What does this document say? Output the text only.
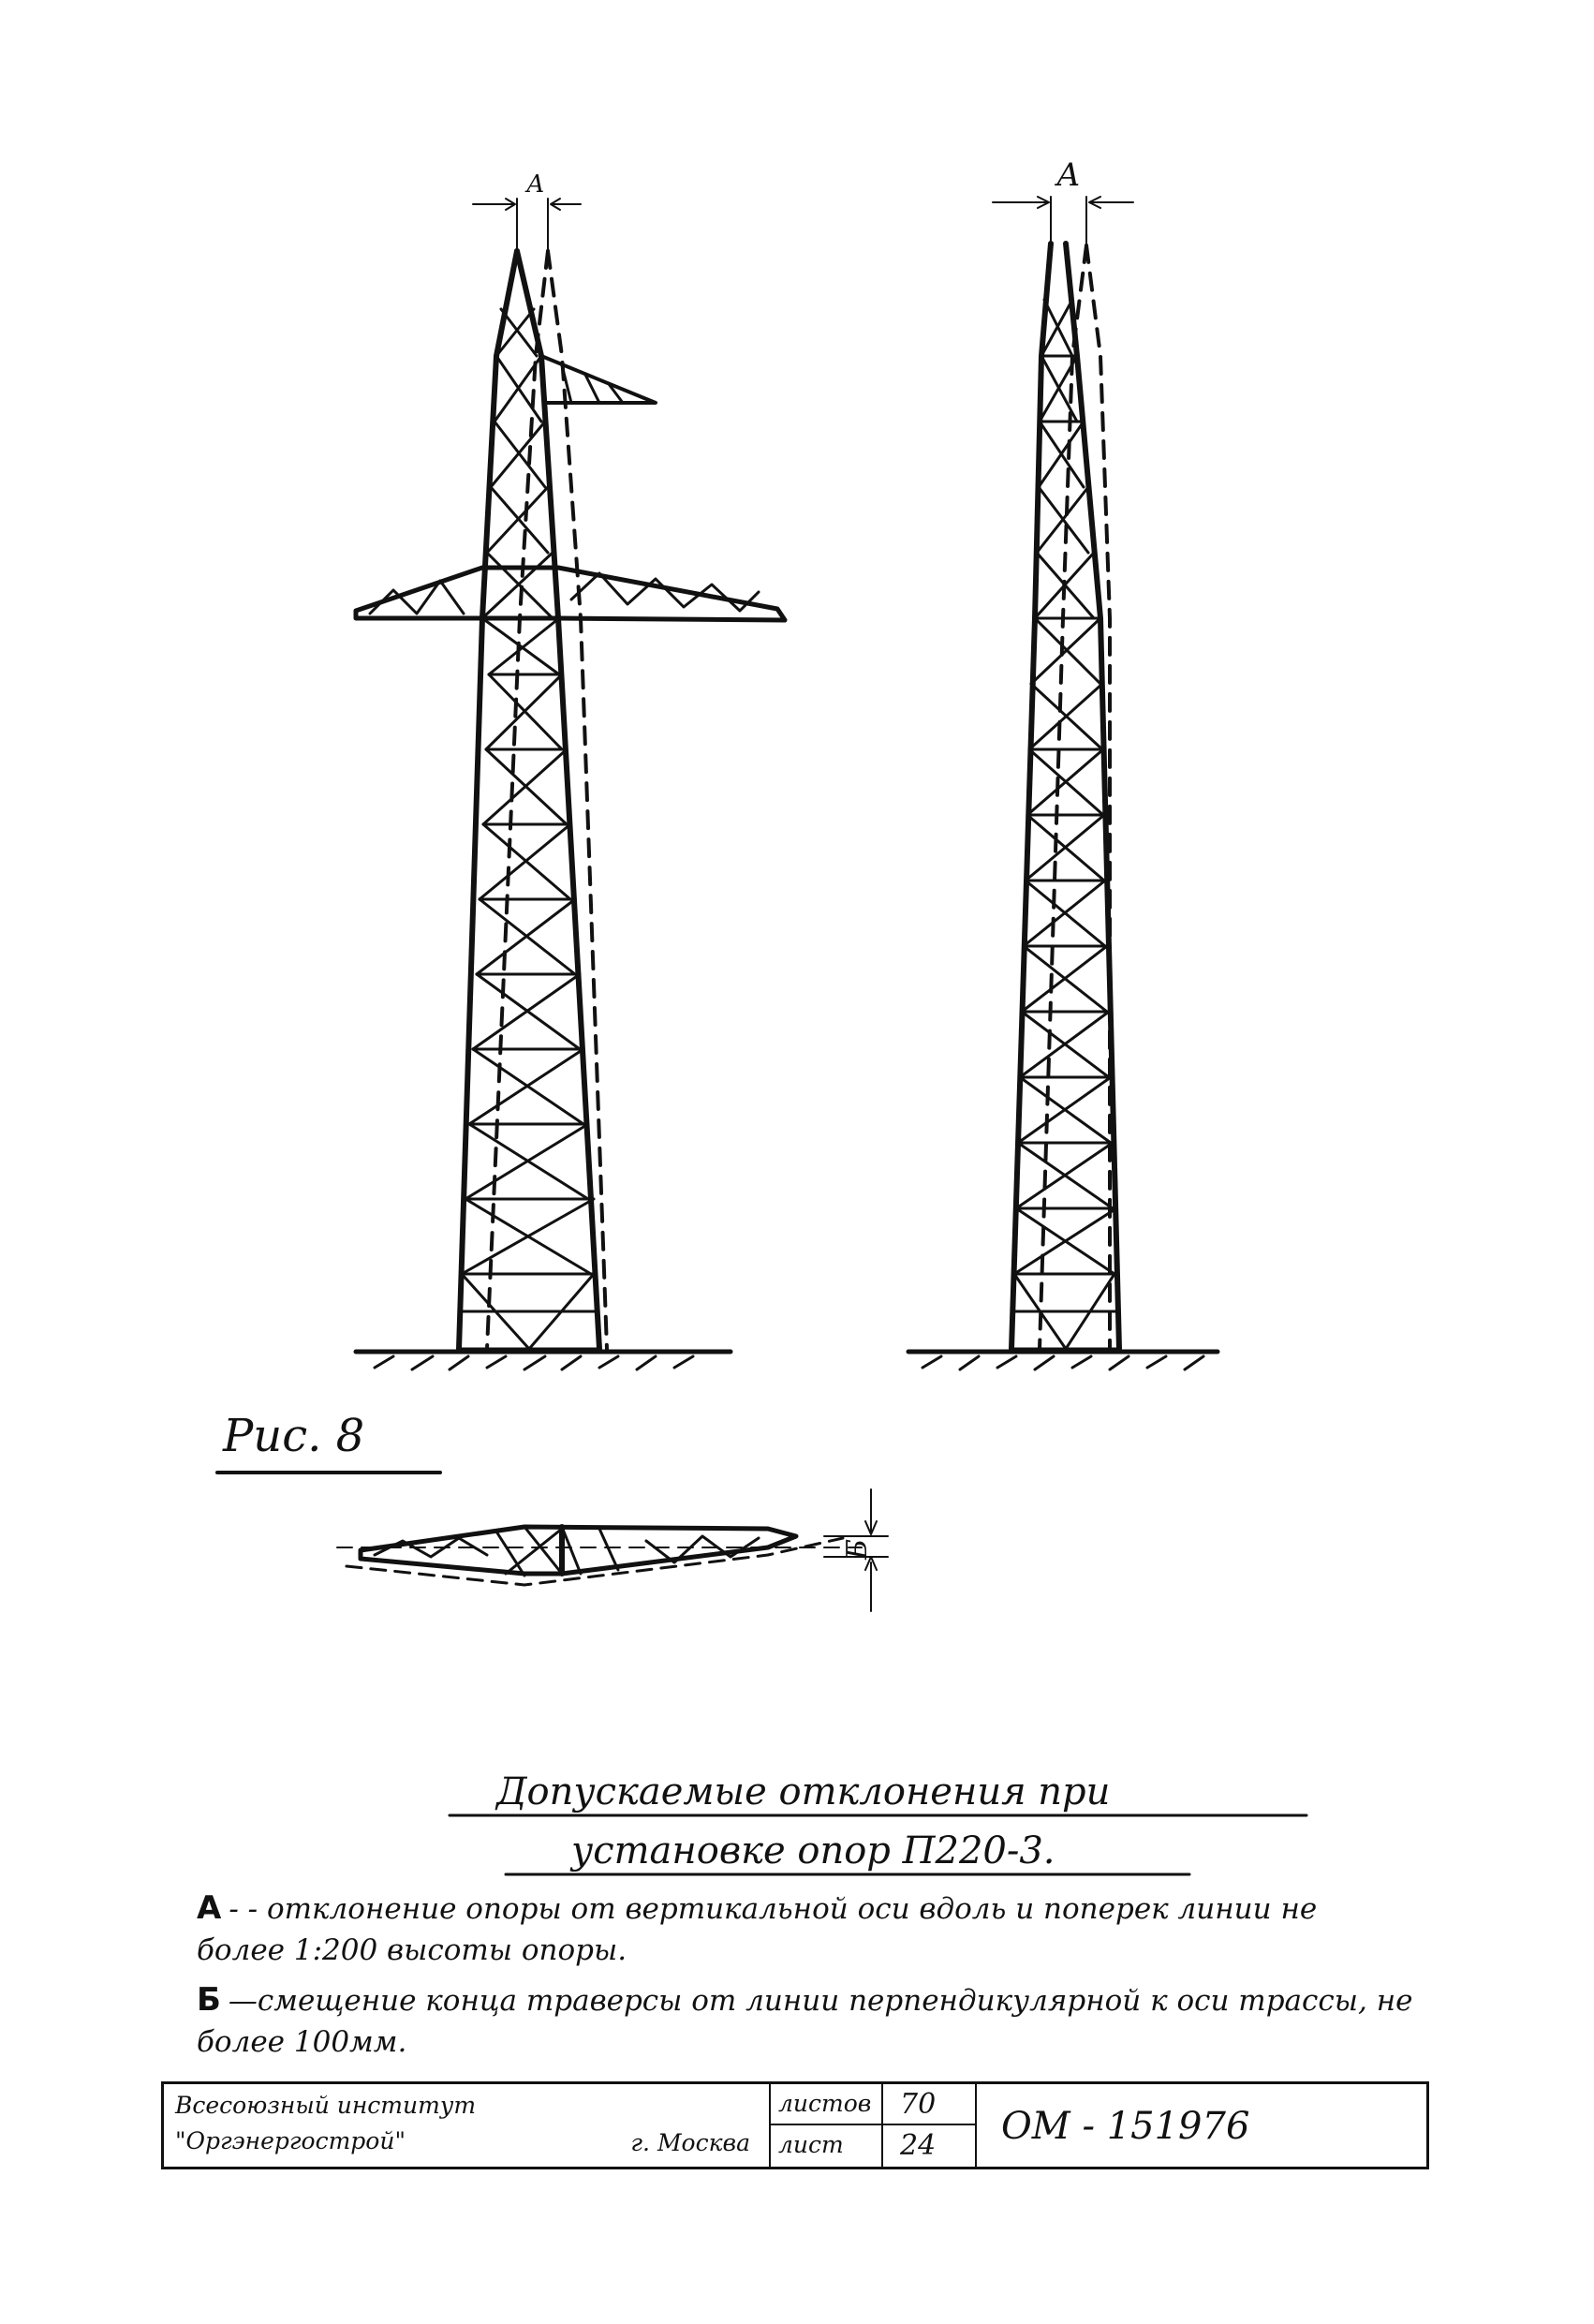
А	А
Б
Рис. 8
Допускаемые отклонения при
установке опор П220-3.
А - - отклонение опоры от вертикальной оси вдоль и поперек линии не более 1:200 высоты опоры.
Б —смещение конца траверсы от линии перпендикулярной к оси трассы, не более 100мм.
Всесоюзный институт
"Оргэнергострой"	г. Москва
листов	70
лист	24	ОМ - 151976
